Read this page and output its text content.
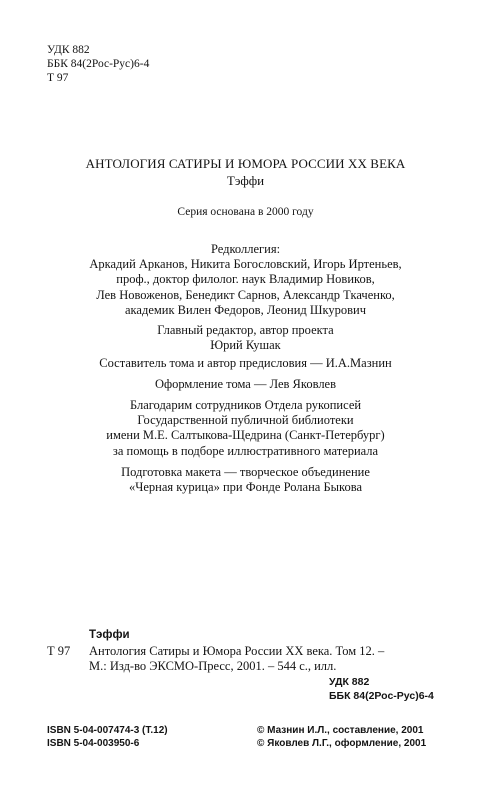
УДК 882
ББК 84(2Рос-Рус)6-4
Т 97
АНТОЛОГИЯ САТИРЫ И ЮМОРА РОССИИ XX ВЕКА
Тэффи
Серия основана в 2000 году
Редколлегия:
Аркадий Арканов, Никита Богословский, Игорь Иртеньев,
проф., доктор филолог. наук Владимир Новиков,
Лев Новоженов, Бенедикт Сарнов, Александр Ткаченко,
академик Вилен Федоров, Леонид Шкурович
Главный редактор, автор проекта
Юрий Кушак
Составитель тома и автор предисловия — И.А.Мазнин
Оформление тома — Лев Яковлев
Благодарим сотрудников Отдела рукописей
Государственной публичной библиотеки
имени М.Е. Салтыкова-Щедрина (Санкт-Петербург)
за помощь в подборе иллюстративного материала
Подготовка макета — творческое объединение
«Черная курица» при Фонде Ролана Быкова
Тэффи
Т 97 Антология Сатиры и Юмора России XX века. Том 12. –
М.: Изд-во ЭКСМО-Пресс, 2001. – 544 с., илл.
УДК 882
ББК 84(2Рос-Рус)6-4
ISBN 5-04-007474-3 (Т.12)
ISBN 5-04-003950-6
© Мазнин И.Л., составление, 2001
© Яковлев Л.Г., оформление, 2001
